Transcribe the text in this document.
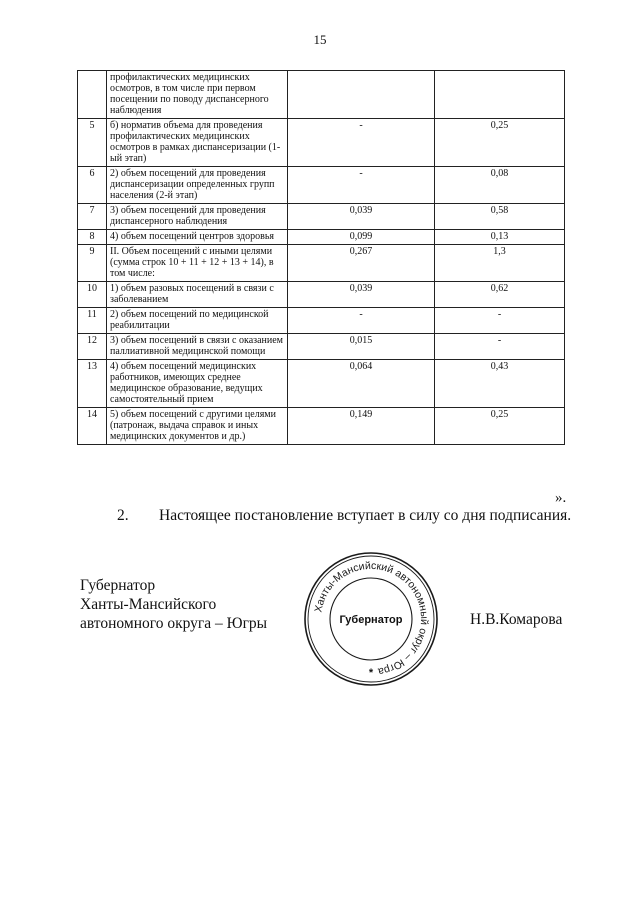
15
	профилактических медицинских осмотров, в том числе при первом посещении по поводу диспансерного наблюдения		
5	б) норматив объема для проведения профилактических медицинских осмотров в рамках диспансеризации (1-ый этап)	-	0,25
6	2) объем посещений для проведения диспансеризации определенных групп населения (2-й этап)	-	0,08
7	3) объем посещений для проведения диспансерного наблюдения	0,039	0,58
8	4) объем посещений центров здоровья	0,099	0,13
9	II. Объем посещений с иными целями (сумма строк 10 + 11 + 12 + 13 + 14), в том числе:	0,267	1,3
10	1) объем разовых посещений в связи с заболеванием	0,039	0,62
11	2) объем посещений по медицинской реабилитации	-	-
12	3) объем посещений в связи с оказанием паллиативной медицинской помощи	0,015	-
13	4) объем посещений медицинских работников, имеющих среднее медицинское образование, ведущих самостоятельный прием	0,064	0,43
14	5) объем посещений с другими целями (патронаж, выдача справок и иных медицинских документов и др.)	0,149	0,25
».
2. Настоящее постановление вступает в силу со дня подписания.
Губернатор
Ханты-Мансийского
автономного округа – Югры	Н.В.Комарова
Ханты-Мансийский автономный округ – Югра
Губернатор
*
